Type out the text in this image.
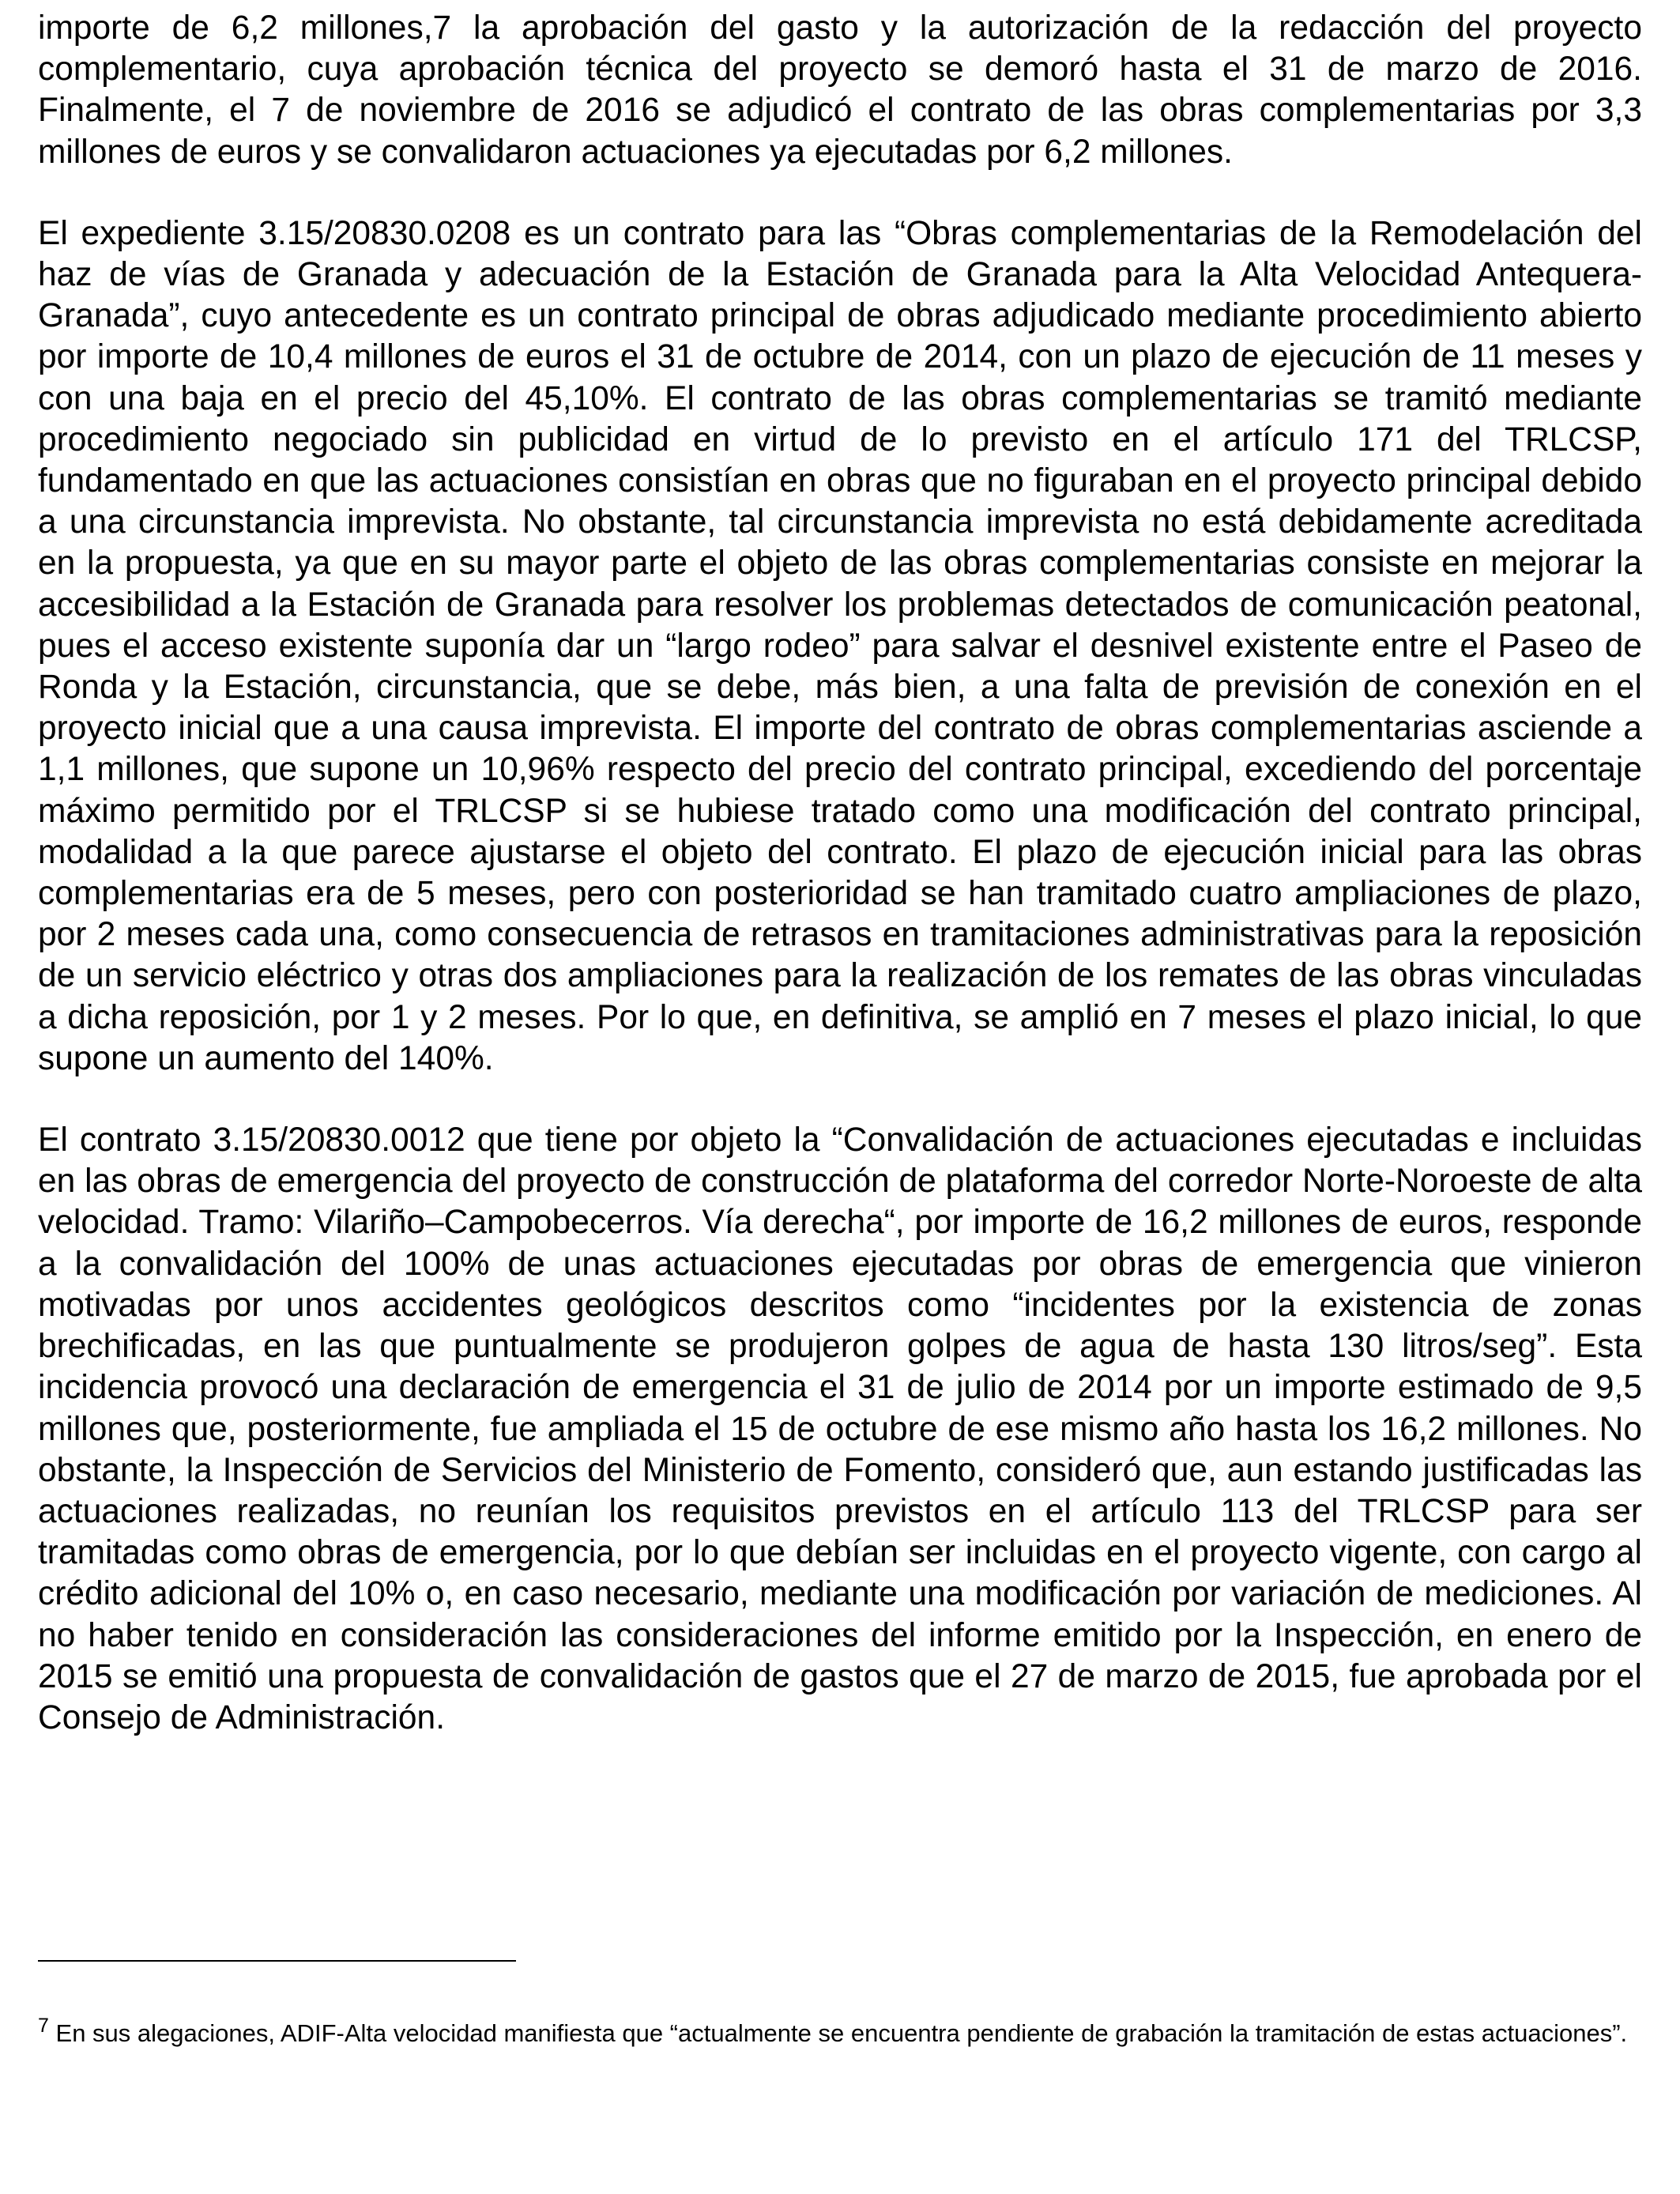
importe de 6,2 millones,7 la aprobación del gasto y la autorización de la redacción del proyecto complementario, cuya aprobación técnica del proyecto se demoró hasta el 31 de marzo de 2016. Finalmente, el 7 de noviembre de 2016 se adjudicó el contrato de las obras complementarias por 3,3 millones de euros y se convalidaron actuaciones ya ejecutadas por 6,2 millones.

El expediente 3.15/20830.0208 es un contrato para las “Obras complementarias de la Remodelación del haz de vías de Granada y adecuación de la Estación de Granada para la Alta Velocidad Antequera-Granada”, cuyo antecedente es un contrato principal de obras adjudicado mediante procedimiento abierto por importe de 10,4 millones de euros el 31 de octubre de 2014, con un plazo de ejecución de 11 meses y con una baja en el precio del 45,10%. El contrato de las obras complementarias se tramitó mediante procedimiento negociado sin publicidad en virtud de lo previsto en el artículo 171 del TRLCSP, fundamentado en que las actuaciones consistían en obras que no figuraban en el proyecto principal debido a una circunstancia imprevista. No obstante, tal circunstancia imprevista no está debidamente acreditada en la propuesta, ya que en su mayor parte el objeto de las obras complementarias consiste en mejorar la accesibilidad a la Estación de Granada para resolver los problemas detectados de comunicación peatonal, pues el acceso existente suponía dar un “largo rodeo” para salvar el desnivel existente entre el Paseo de Ronda y la Estación, circunstancia, que se debe, más bien, a una falta de previsión de conexión en el proyecto inicial que a una causa imprevista. El importe del contrato de obras complementarias asciende a 1,1 millones, que supone un 10,96% respecto del precio del contrato principal, excediendo del porcentaje máximo permitido por el TRLCSP si se hubiese tratado como una modificación del contrato principal, modalidad a la que parece ajustarse el objeto del contrato. El plazo de ejecución inicial para las obras complementarias era de 5 meses, pero con posterioridad se han tramitado cuatro ampliaciones de plazo, por 2 meses cada una, como consecuencia de retrasos en tramitaciones administrativas para la reposición de un servicio eléctrico y otras dos ampliaciones para la realización de los remates de las obras vinculadas a dicha reposición, por 1 y 2 meses. Por lo que, en definitiva, se amplió en 7 meses el plazo inicial, lo que supone un aumento del 140%.

El contrato 3.15/20830.0012 que tiene por objeto la “Convalidación de actuaciones ejecutadas e incluidas en las obras de emergencia del proyecto de construcción de plataforma del corredor Norte-Noroeste de alta velocidad. Tramo: Vilariño–Campobecerros. Vía derecha“, por importe de 16,2 millones de euros, responde a la convalidación del 100% de unas actuaciones ejecutadas por obras de emergencia que vinieron motivadas por unos accidentes geológicos descritos como “incidentes por la existencia de zonas brechificadas, en las que puntualmente se produjeron golpes de agua de hasta 130 litros/seg”. Esta incidencia provocó una declaración de emergencia el 31 de julio de 2014 por un importe estimado de 9,5 millones que, posteriormente, fue ampliada el 15 de octubre de ese mismo año hasta los 16,2 millones. No obstante, la Inspección de Servicios del Ministerio de Fomento, consideró que, aun estando justificadas las actuaciones realizadas, no reunían los requisitos previstos en el artículo 113 del TRLCSP para ser tramitadas como obras de emergencia, por lo que debían ser incluidas en el proyecto vigente, con cargo al crédito adicional del 10% o, en caso necesario, mediante una modificación por variación de mediciones. Al no haber tenido en consideración las consideraciones del informe emitido por la Inspección, en enero de 2015 se emitió una propuesta de convalidación de gastos que el 27 de marzo de 2015, fue aprobada por el Consejo de Administración.

$^7$ En sus alegaciones, ADIF-Alta velocidad manifiesta que “actualmente se encuentra pendiente de grabación la tramitación de estas actuaciones”.
